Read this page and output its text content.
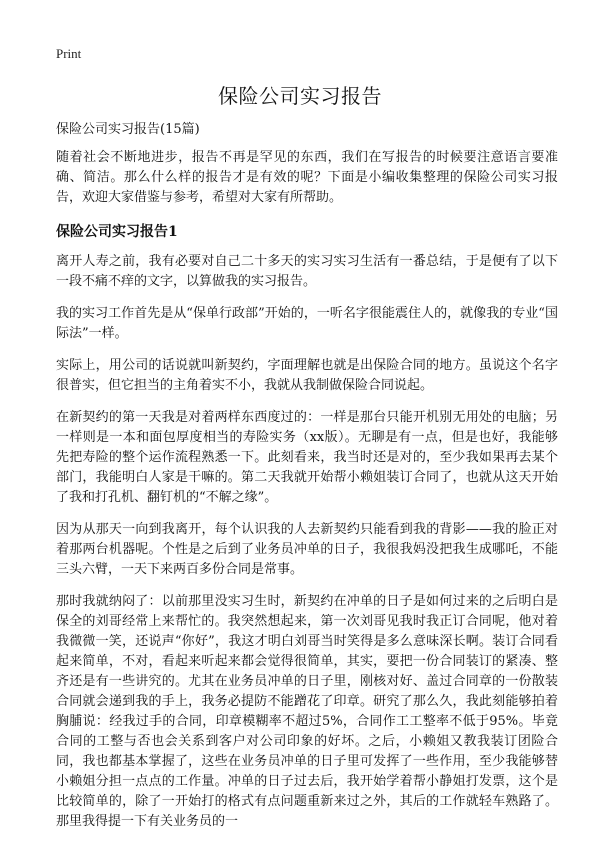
Print
保险公司实习报告
保险公司实习报告(15篇)

随着社会不断地进步，报告不再是罕见的东西，我们在写报告的时候要注意语言要准确、简洁。那么什么样的报告才是有效的呢？下面是小编收集整理的保险公司实习报告，欢迎大家借鉴与参考，希望对大家有所帮助。

保险公司实习报告1

离开人寿之前，我有必要对自己二十多天的实习实习生活有一番总结，于是便有了以下一段不痛不痒的文字，以算做我的实习报告。

我的实习工作首先是从“保单行政部”开始的，一听名字很能震住人的，就像我的专业“国际法”一样。

实际上，用公司的话说就叫新契约，字面理解也就是出保险合同的地方。虽说这个名字很普实，但它担当的主角着实不小，我就从我制做保险合同说起。

在新契约的第一天我是对着两样东西度过的：一样是那台只能开机别无用处的电脑；另一样则是一本和面包厚度相当的寿险实务（xx版）。无聊是有一点，但是也好，我能够先把寿险的整个运作流程熟悉一下。此刻看来，我当时还是对的，至少我如果再去某个部门，我能明白人家是干嘛的。第二天我就开始帮小赖姐装订合同了，也就从这天开始了我和打孔机、翻钉机的“不解之缘”。

因为从那天一向到我离开，每个认识我的人去新契约只能看到我的背影——我的脸正对着那两台机器呢。个性是之后到了业务员冲单的日子，我很我妈没把我生成哪吒，不能三头六臂，一天下来两百多份合同是常事。

那时我就纳闷了：以前那里没实习生时，新契约在冲单的日子是如何过来的之后明白是保全的刘哥经常上来帮忙的。我突然想起来，第一次刘哥见我时我正订合同呢，他对着我微微一笑，还说声“你好”，我这才明白刘哥当时笑得是多么意味深长啊。装订合同看起来简单，不对，看起来听起来都会觉得很简单，其实，要把一份合同装订的紧凑、整齐还是有一些讲究的。尤其在业务员冲单的日子里，刚核对好、盖过合同章的一份散装合同就会递到我的手上，我务必提防不能蹭花了印章。研究了那么久，我此刻能够拍着胸脯说：经我过手的合同，印章模糊率不超过5%，合同作工工整率不低于95%。毕竟合同的工整与否也会关系到客户对公司印象的好坏。之后，小赖姐又教我装订团险合同，我也都基本掌握了，这些在业务员冲单的日子里可发挥了一些作用，至少我能够替小赖姐分担一点点的工作量。冲单的日子过去后，我开始学着帮小静姐打发票，这个是比较简单的，除了一开始打的格式有点问题重新来过之外，其后的工作就轻车熟路了。那里我得提一下有关业务员的一
